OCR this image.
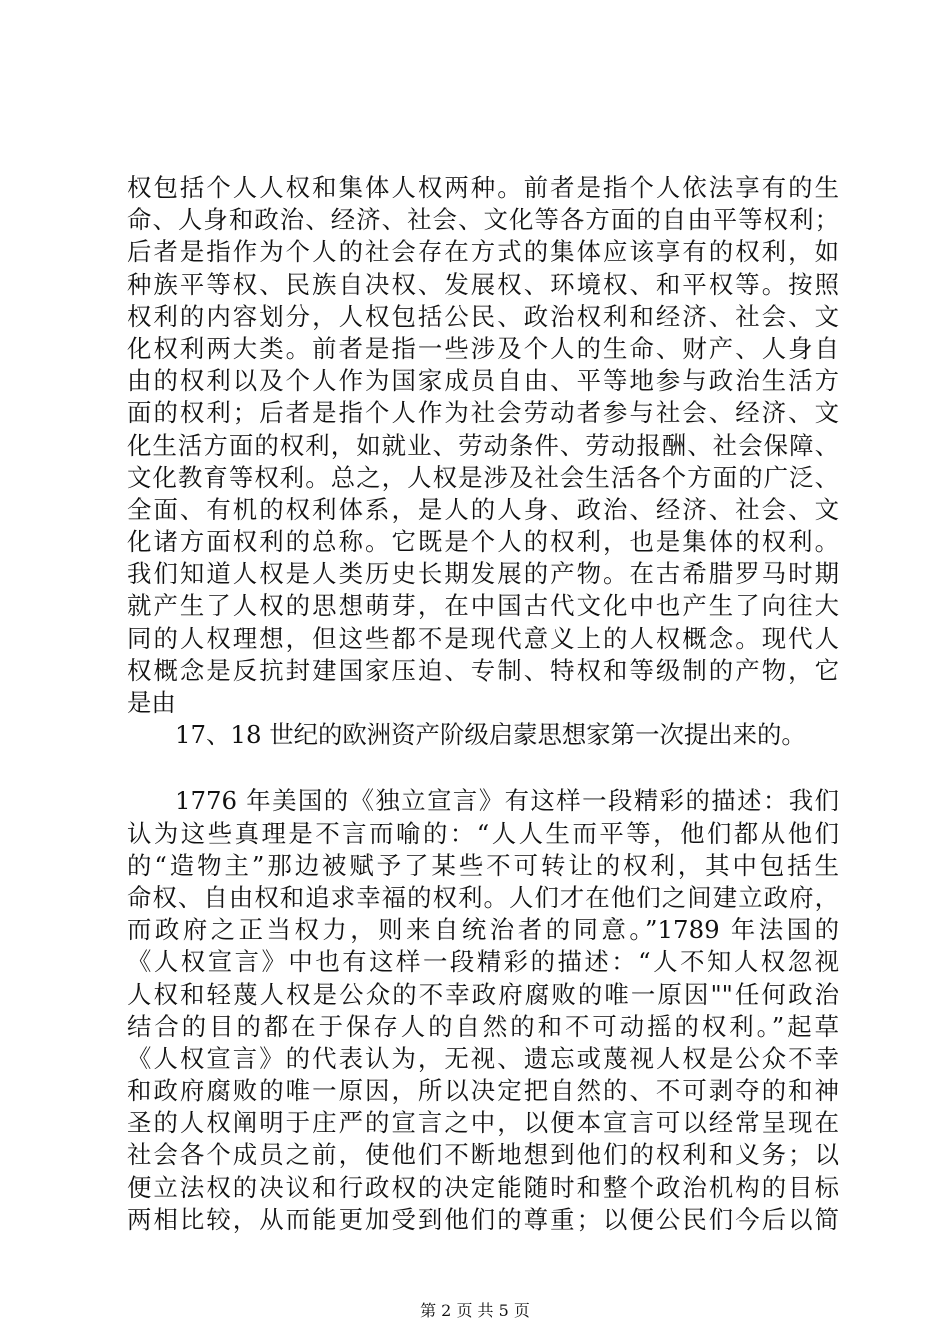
权包括个人人权和集体人权两种。前者是指个人依法享有的生
命、人身和政治、经济、社会、文化等各方面的自由平等权利；
后者是指作为个人的社会存在方式的集体应该享有的权利，如
种族平等权、民族自决权、发展权、环境权、和平权等。按照
权利的内容划分，人权包括公民、政治权利和经济、社会、文
化权利两大类。前者是指一些涉及个人的生命、财产、人身自
由的权利以及个人作为国家成员自由、平等地参与政治生活方
面的权利；后者是指个人作为社会劳动者参与社会、经济、文
化生活方面的权利，如就业、劳动条件、劳动报酬、社会保障、
文化教育等权利。总之，人权是涉及社会生活各个方面的广泛、
全面、有机的权利体系，是人的人身、政治、经济、社会、文
化诸方面权利的总称。它既是个人的权利，也是集体的权利。
我们知道人权是人类历史长期发展的产物。在古希腊罗马时期
就产生了人权的思想萌芽，在中国古代文化中也产生了向往大
同的人权理想，但这些都不是现代意义上的人权概念。现代人
权概念是反抗封建国家压迫、专制、特权和等级制的产物，它
是由
17、18 世纪的欧洲资产阶级启蒙思想家第一次提出来的。
1776 年美国的《独立宣言》有这样一段精彩的描述：我们
认为这些真理是不言而喻的：“人人生而平等，他们都从他们
的“造物主”那边被赋予了某些不可转让的权利，其中包括生
命权、自由权和追求幸福的权利。人们才在他们之间建立政府，
而政府之正当权力，则来自统治者的同意。”1789 年法国的
《人权宣言》中也有这样一段精彩的描述：“人不知人权忽视
人权和轻蔑人权是公众的不幸政府腐败的唯一原因""任何政治
结合的目的都在于保存人的自然的和不可动摇的权利。”起草
《人权宣言》的代表认为，无视、遗忘或蔑视人权是公众不幸
和政府腐败的唯一原因，所以决定把自然的、不可剥夺的和神
圣的人权阐明于庄严的宣言之中，以便本宣言可以经常呈现在
社会各个成员之前，使他们不断地想到他们的权利和义务；以
便立法权的决议和行政权的决定能随时和整个政治机构的目标
两相比较，从而能更加受到他们的尊重；以便公民们今后以简
第 2 页 共 5 页
